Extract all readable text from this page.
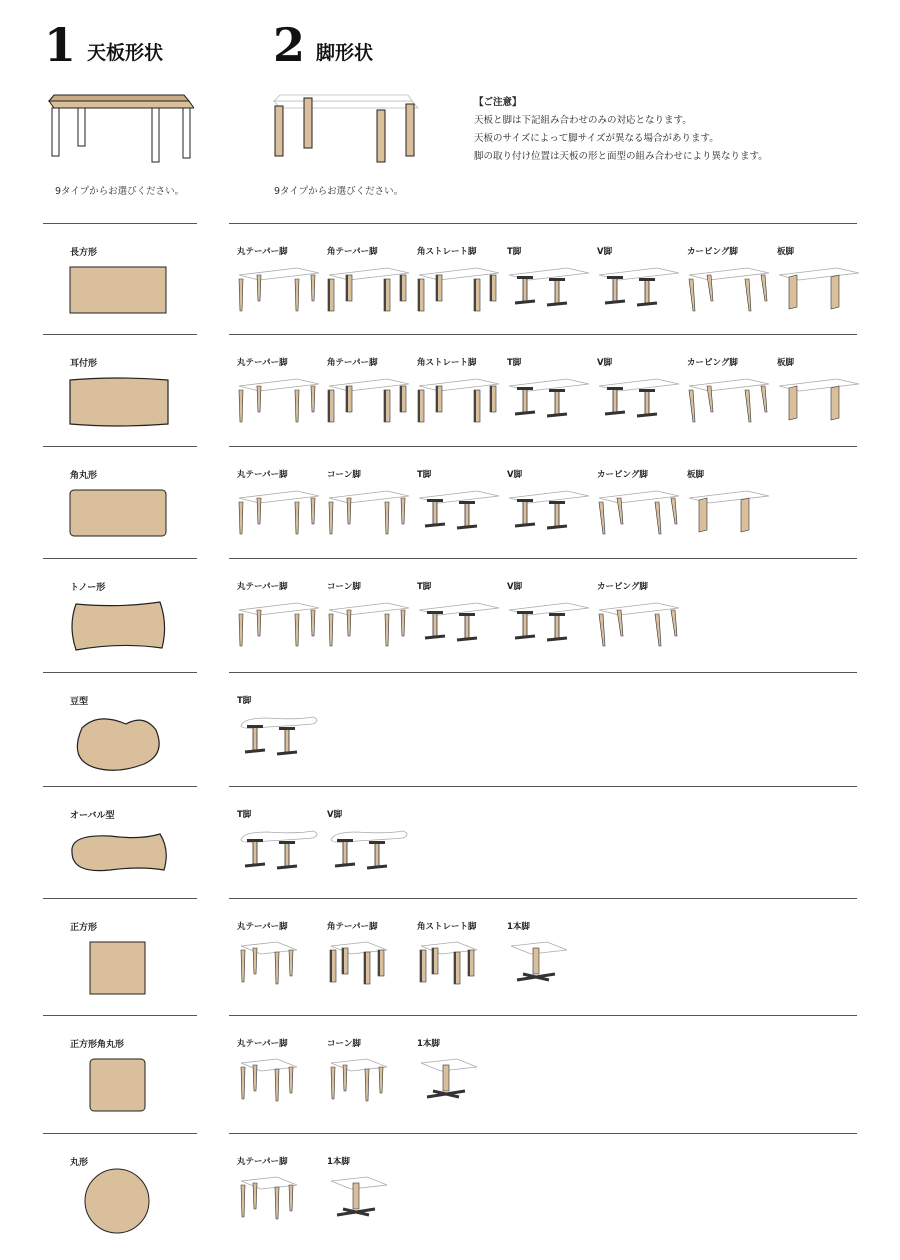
1 天板形状
9タイプからお選びください。
2 脚形状
9タイプからお選びください。
【ご注意】
天板と脚は下記組み合わせのみの対応となります。
天板のサイズによって脚サイズが異なる場合があります。
脚の取り付け位置は天板の形と面型の組み合わせにより異なります。
長方形	丸テーパー脚	角テーパー脚	角ストレート脚	T脚	V脚	カーピング脚	板脚
耳付形	丸テーパー脚	角テーパー脚	角ストレート脚	T脚	V脚	カーピング脚	板脚
角丸形	丸テーパー脚	コーン脚	T脚	V脚	カーピング脚	板脚
トノー形	丸テーパー脚	コーン脚	T脚	V脚	カーピング脚
豆型	T脚
オーバル型	T脚	V脚
正方形	丸テーパー脚	角テーパー脚	角ストレート脚	1本脚
正方形角丸形	丸テーパー脚	コーン脚	1本脚
丸形	丸テーパー脚	1本脚
